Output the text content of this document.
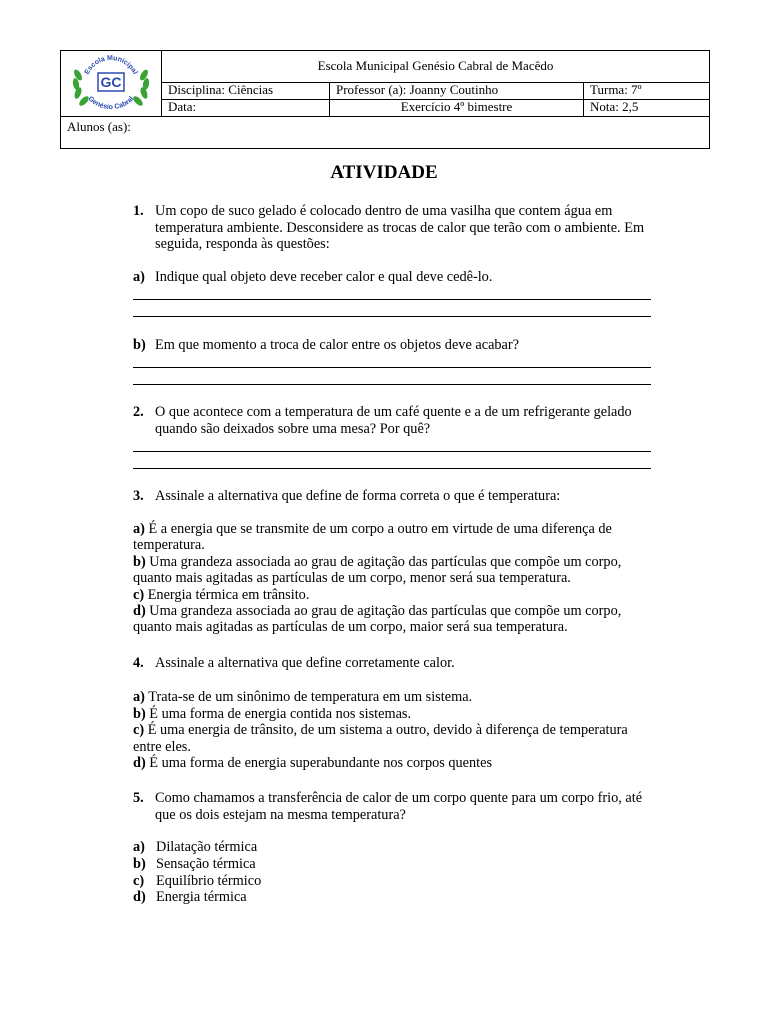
Escola Municipal
Genésio Cabral
GC	Escola Municipal Genésio Cabral de Macêdo		
	Disciplina: Ciências	Professor (a): Joanny Coutinho	Turma: 7º
	Data:	Exercício 4º bimestre	Nota: 2,5
Alunos (as):			
ATIVIDADE
1. Um copo de suco gelado é colocado dentro de uma vasilha que contem água em temperatura ambiente. Desconsidere as trocas de calor que terão com o ambiente. Em seguida, responda às questões:
a) Indique qual objeto deve receber calor e qual deve cedê-lo.
b) Em que momento a troca de calor entre os objetos deve acabar?
2. O que acontece com a temperatura de um café quente e a de um refrigerante gelado quando são deixados sobre uma mesa? Por quê?
3. Assinale a alternativa que define de forma correta o que é temperatura:
a) É a energia que se transmite de um corpo a outro em virtude de uma diferença de temperatura.
b) Uma grandeza associada ao grau de agitação das partículas que compõe um corpo, quanto mais agitadas as partículas de um corpo, menor será sua temperatura.
c) Energia térmica em trânsito.
d) Uma grandeza associada ao grau de agitação das partículas que compõe um corpo, quanto mais agitadas as partículas de um corpo, maior será sua temperatura.
4. Assinale a alternativa que define corretamente calor.
a) Trata-se de um sinônimo de temperatura em um sistema.
b) É uma forma de energia contida nos sistemas.
c) É uma energia de trânsito, de um sistema a outro, devido à diferença de temperatura entre eles.
d) É uma forma de energia superabundante nos corpos quentes
5. Como chamamos a transferência de calor de um corpo quente para um corpo frio, até que os dois estejam na mesma temperatura?
a) Dilatação térmica
b) Sensação térmica
c) Equilíbrio térmico
d) Energia térmica
